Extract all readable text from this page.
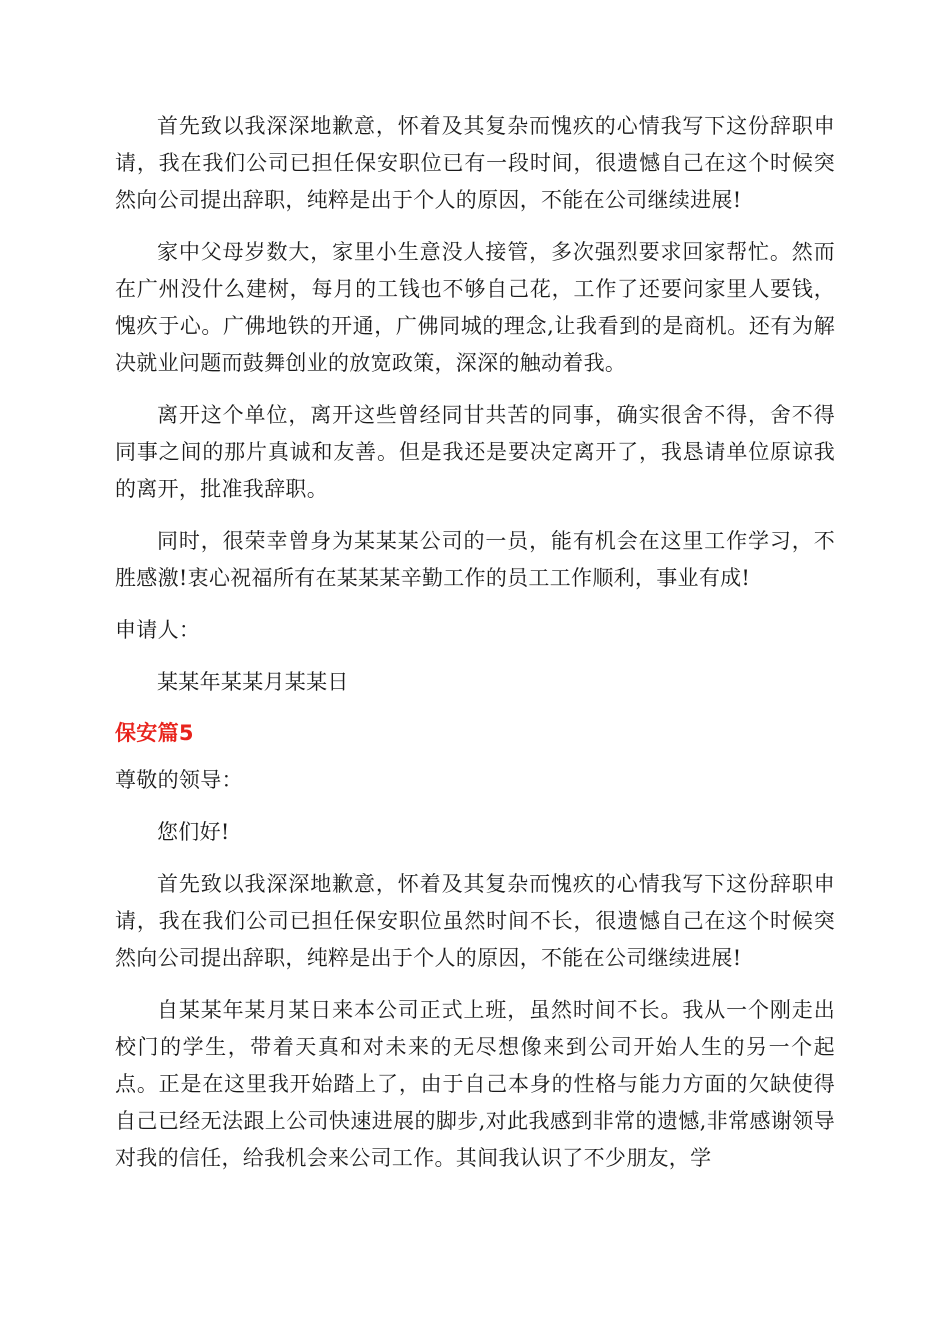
首先致以我深深地歉意，怀着及其复杂而愧疚的心情我写下这份辞职申请，我在我们公司已担任保安职位已有一段时间，很遗憾自己在这个时候突然向公司提出辞职，纯粹是出于个人的原因，不能在公司继续进展!

家中父母岁数大，家里小生意没人接管，多次强烈要求回家帮忙。然而在广州没什么建树，每月的工钱也不够自己花，工作了还要问家里人要钱，愧疚于心。广佛地铁的开通，广佛同城的理念,让我看到的是商机。还有为解决就业问题而鼓舞创业的放宽政策，深深的触动着我。

离开这个单位，离开这些曾经同甘共苦的同事，确实很舍不得，舍不得同事之间的那片真诚和友善。但是我还是要决定离开了，我恳请单位原谅我的离开，批准我辞职。

同时，很荣幸曾身为某某某公司的一员，能有机会在这里工作学习，不胜感激!衷心祝福所有在某某某辛勤工作的员工工作顺利，事业有成!

申请人：

某某年某某月某某日

保安篇5

尊敬的领导：

您们好!

首先致以我深深地歉意，怀着及其复杂而愧疚的心情我写下这份辞职申请，我在我们公司已担任保安职位虽然时间不长，很遗憾自己在这个时候突然向公司提出辞职，纯粹是出于个人的原因，不能在公司继续进展!

自某某年某月某日来本公司正式上班，虽然时间不长。我从一个刚走出校门的学生，带着天真和对未来的无尽想像来到公司开始人生的另一个起点。正是在这里我开始踏上了，由于自己本身的性格与能力方面的欠缺使得自己已经无法跟上公司快速进展的脚步,对此我感到非常的遗憾,非常感谢领导对我的信任，给我机会来公司工作。其间我认识了不少朋友，学
